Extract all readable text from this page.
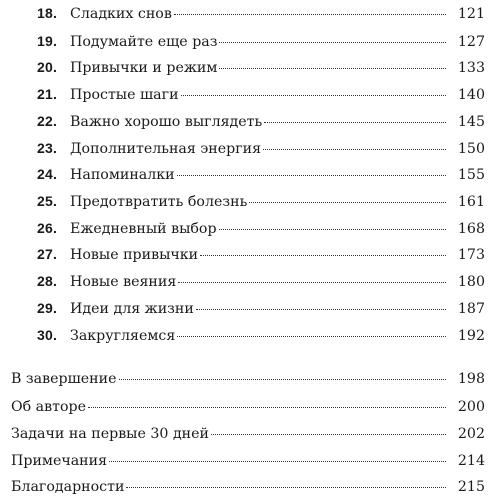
18. Сладких снов	121
19. Подумайте еще раз	127
20. Привычки и режим	133
21. Простые шаги	140
22. Важно хорошо выглядеть	145
23. Дополнительная энергия	150
24. Напоминалки	155
25. Предотвратить болезнь	161
26. Ежедневный выбор	168
27. Новые привычки	173
28. Новые веяния	180
29. Идеи для жизни	187
30. Закругляемся	192
В завершение	198
Об авторе	200
Задачи на первые 30 дней	202
Примечания	214
Благодарности	215
